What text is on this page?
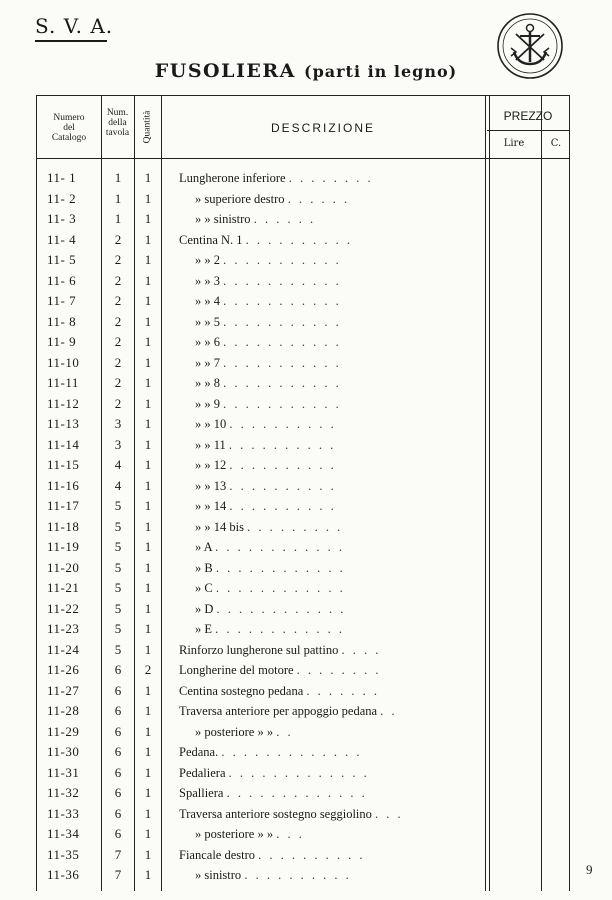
S. V. A.
FUSOLIERA (parti in legno)
Numero
del
Catalogo
Num.
della
tavola	Quantità	DESCRIZIONE
PREZZO
Lire	C.
11- 1	1	1	Lungherone inferiore . . . . . . . .
11- 2	1	1	» superiore destro . . . . . .
11- 3	1	1	» » sinistro . . . . . .
11- 4	2	1	Centina N. 1 . . . . . . . . . .
11- 5	2	1	» » 2 . . . . . . . . . . .
11- 6	2	1	» » 3 . . . . . . . . . . .
11- 7	2	1	» » 4 . . . . . . . . . . .
11- 8	2	1	» » 5 . . . . . . . . . . .
11- 9	2	1	» » 6 . . . . . . . . . . .
11-10	2	1	» » 7 . . . . . . . . . . .
11-11	2	1	» » 8 . . . . . . . . . . .
11-12	2	1	» » 9 . . . . . . . . . . .
11-13	3	1	» » 10 . . . . . . . . . .
11-14	3	1	» » 11 . . . . . . . . . .
11-15	4	1	» » 12 . . . . . . . . . .
11-16	4	1	» » 13 . . . . . . . . . .
11-17	5	1	» » 14 . . . . . . . . . .
11-18	5	1	» » 14 bis . . . . . . . . .
11-19	5	1	» A . . . . . . . . . . . .
11-20	5	1	» B . . . . . . . . . . . .
11-21	5	1	» C . . . . . . . . . . . .
11-22	5	1	» D . . . . . . . . . . . .
11-23	5	1	» E . . . . . . . . . . . .
11-24	5	1	Rinforzo lungherone sul pattino . . . .
11-26	6	2	Longherine del motore . . . . . . . .
11-27	6	1	Centina sostegno pedana . . . . . . .
11-28	6	1	Traversa anteriore per appoggio pedana . .
11-29	6	1	» posteriore » » . .
11-30	6	1	Pedana. . . . . . . . . . . . . .
11-31	6	1	Pedaliera . . . . . . . . . . . . .
11-32	6	1	Spalliera . . . . . . . . . . . . .
11-33	6	1	Traversa anteriore sostegno seggiolino . . .
11-34	6	1	» posteriore » » . . .
11-35	7	1	Fiancale destro . . . . . . . . . .
11-36	7	1	» sinistro . . . . . . . . . .	9
